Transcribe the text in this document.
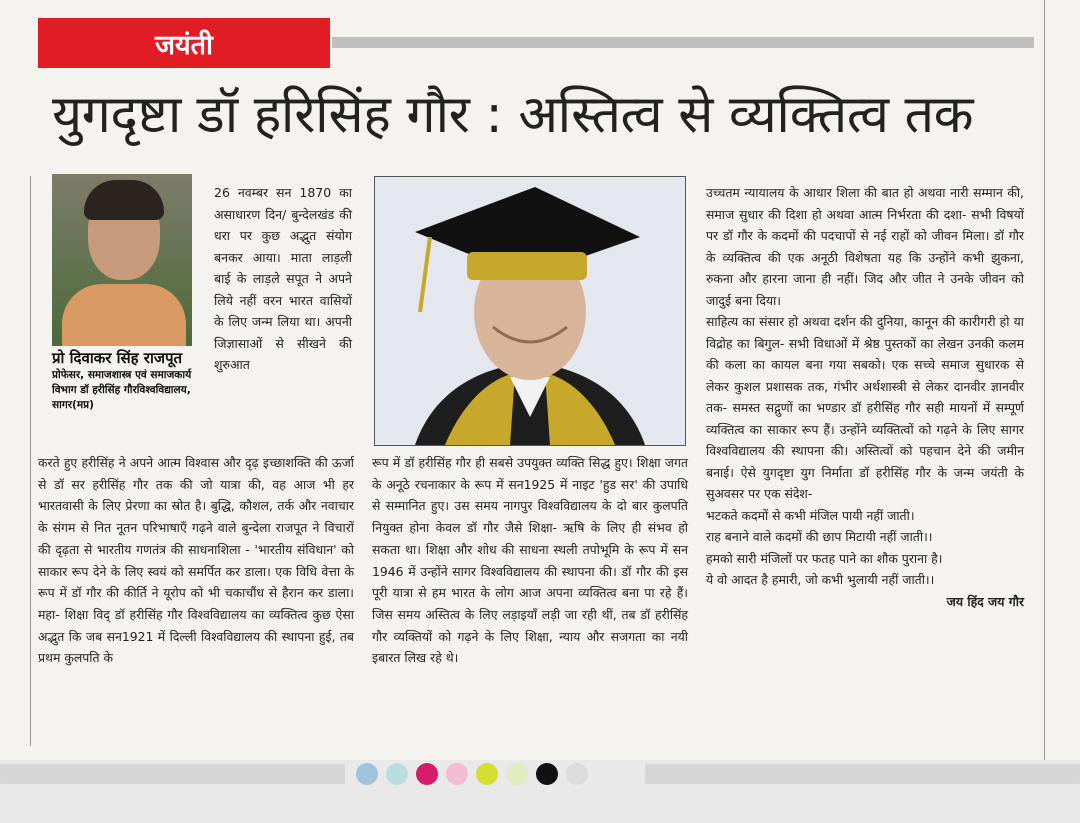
जयंती
युगदृष्टा डॉ हरिसिंह गौर : अस्तित्व से व्यक्तित्व तक
प्रो दिवाकर सिंह राजपूत
प्रोफेसर, समाजशास्त्र एवं समाजकार्य विभाग डॉ हरीसिंह गौरविश्वविद्यालय, सागर(मप्र)

26 नवम्बर सन 1870 का असाधारण दिन/ बुन्देलखंड की धरा पर कुछ अद्भुत संयोग बनकर आया। माता लाड़ली बाई के लाड़ले सपूत ने अपने लिये नहीं वरन भारत वासियों के लिए जन्म लिया था। अपनी जिज्ञासाओं से सीखने की शुरुआत

करते हुए हरीसिंह ने अपने आत्म विश्वास और दृढ़ इच्छाशक्ति की ऊर्जा से डॉ सर हरीसिंह गौर तक की जो यात्रा की, वह आज भी हर भारतवासी के लिए प्रेरणा का स्रोत है। बुद्धि, कौशल, तर्क और नवाचार के संगम से नित नूतन परिभाषाएँ गढ़ने वाले बुन्देला राजपूत ने विचारों की दृढ़ता से भारतीय गणतंत्र की साधनाशिला - 'भारतीय संविधान' को साकार रूप देने के लिए स्वयं को समर्पित कर डाला। एक विधि वेत्ता के रूप में डॉ गौर की कीर्ति ने यूरोप को भी चकाचौंध से हैरान कर डाला। महा- शिक्षा विद् डॉ हरीसिंह गौर विश्वविद्यालय का व्यक्तित्व कुछ ऐसा अद्भुत कि जब सन1921 में दिल्ली विश्वविद्यालय की स्थापना हुई, तब प्रथम कुलपति के

रूप में डॉ हरीसिंह गौर ही सबसे उपयुक्त व्यक्ति सिद्ध हुए। शिक्षा जगत के अनूठे रचनाकार के रूप में सन1925 में नाइट 'हुड सर' की उपाधि से सम्मानित हुए। उस समय नागपुर विश्वविद्यालय के दो बार कुलपति नियुक्त होना केवल डॉ गौर जैसे शिक्षा- ऋषि के लिए ही संभव हो सकता था। शिक्षा और शोध की साधना स्थली तपोभूमि के रूप में सन 1946 में उन्होंने सागर विश्वविद्यालय की स्थापना की। डॉ गौर की इस पूरी यात्रा से हम भारत के लोग आज अपना व्यक्तित्व बना पा रहे हैं। जिस समय अस्तित्व के लिए लड़ाइयाँ लड़ी जा रही थीं, तब डॉ हरीसिंह गौर व्यक्तियों को गढ़ने के लिए शिक्षा, न्याय और सजगता का नयी इबारत लिख रहे थे।

उच्चतम न्यायालय के आधार शिला की बात हो अथवा नारी सम्मान की, समाज सुधार की दिशा हो अथवा आत्म निर्भरता की दशा- सभी विषयों पर डॉ गौर के कदमों की पदचापों से नई राहों को जीवन मिला। डॉ गौर के व्यक्तित्व की एक अनूठी विशेषता यह कि उन्होंने कभी झुकना, रुकना और हारना जाना ही नहीं। जिद और जीत ने उनके जीवन को जादुई बना दिया।

साहित्य का संसार हो अथवा दर्शन की दुनिया, कानून की कारीगरी हो या विद्रोह का बिगुल- सभी विधाओं में श्रेष्ठ पुस्तकों का लेखन उनकी कलम की कला का कायल बना गया सबको। एक सच्चे समाज सुधारक से लेकर कुशल प्रशासक तक, गंभीर अर्थशास्त्री से लेकर दानवीर ज्ञानवीर तक- समस्त सद्गुणों का भण्डार डॉ हरीसिंह गौर सही मायनों में सम्पूर्ण व्यक्तित्व का साकार रूप हैं। उन्होंने व्यक्तित्वों को गढ़ने के लिए सागर विश्वविद्यालय की स्थापना की। अस्तित्वों को पहचान देने की जमीन बनाई। ऐसे युगदृष्टा युग निर्माता डॉ हरीसिंह गौर के जन्म जयंती के सुअवसर पर एक संदेश-

भटकते कदमों से कभी मंजिल पायी नहीं जाती।

राह बनाने वाले कदमों की छाप मिटायी नहीं जाती।।

हमको सारी मंजिलों पर फतह पाने का शौक पुराना है।

ये वो आदत है हमारी, जो कभी भुलायी नहीं जाती।।

जय हिंद जय गौर
